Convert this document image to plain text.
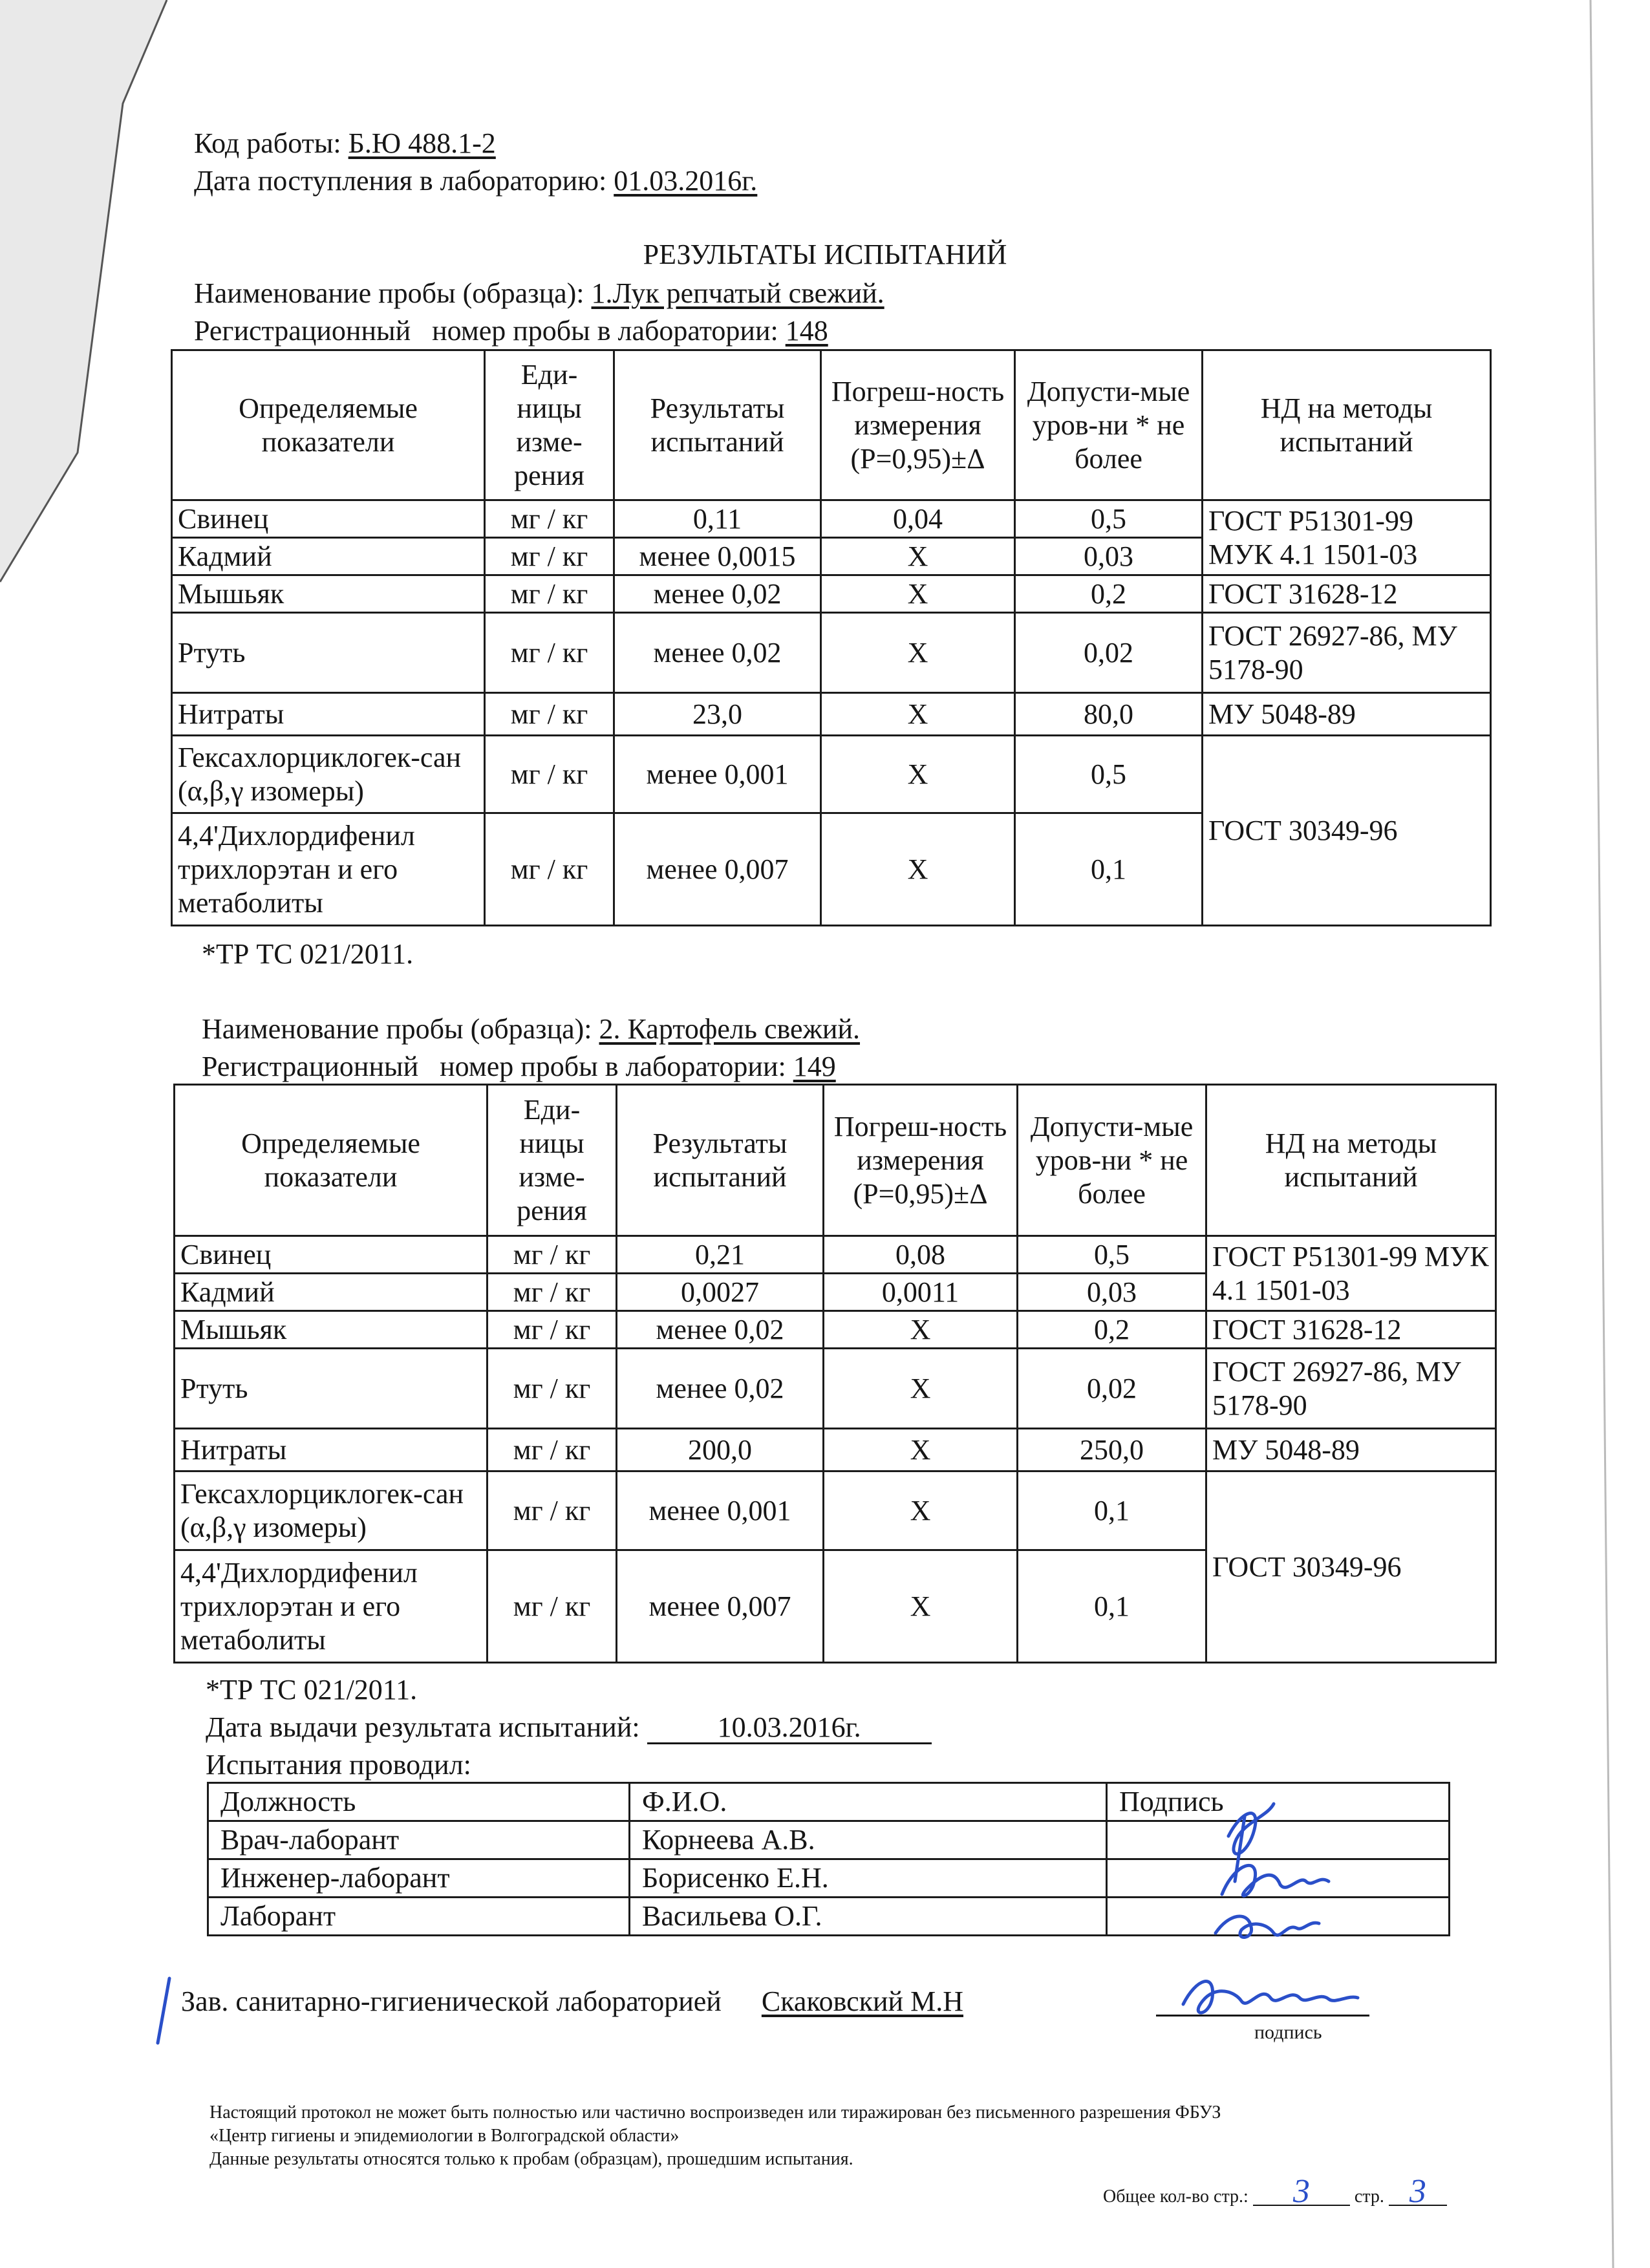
Код работы: Б.Ю 488.1-2
Дата поступления в лабораторию: 01.03.2016г.
РЕЗУЛЬТАТЫ ИСПЫТАНИЙ
Наименование пробы (образца): 1.Лук репчатый свежий.
Регистрационный   номер пробы в лаборатории: 148
Определяемые показатели	Еди-ницы изме-рения	Результаты испытаний	Погреш-ность измерения (Р=0,95)±Δ	Допусти-мые уров-ни * не более	НД на методы испытаний
Свинец	мг / кг	0,11	0,04	0,5	ГОСТ Р51301-99 МУК 4.1 1501-03
Кадмий	мг / кг	менее 0,0015	Х	0,03	
Мышьяк	мг / кг	менее 0,02	Х	0,2	ГОСТ 31628-12
Ртуть	мг / кг	менее 0,02	Х	0,02	ГОСТ 26927-86, МУ 5178-90
Нитраты	мг / кг	23,0	Х	80,0	МУ 5048-89
Гексахлорциклогек-сан (α,β,γ изомеры)	мг / кг	менее 0,001	Х	0,5	ГОСТ 30349-96
4,4'Дихлордифенил трихлорэтан и его метаболиты	мг / кг	менее 0,007	Х	0,1	
*ТР ТС 021/2011.
Наименование пробы (образца): 2. Картофель свежий.
Регистрационный   номер пробы в лаборатории: 149
Определяемые показатели	Еди-ницы изме-рения	Результаты испытаний	Погреш-ность измерения (Р=0,95)±Δ	Допусти-мые уров-ни * не более	НД на методы испытаний
Свинец	мг / кг	0,21	0,08	0,5	ГОСТ Р51301-99 МУК 4.1 1501-03
Кадмий	мг / кг	0,0027	0,0011	0,03	
Мышьяк	мг / кг	менее 0,02	Х	0,2	ГОСТ 31628-12
Ртуть	мг / кг	менее 0,02	Х	0,02	ГОСТ 26927-86, МУ 5178-90
Нитраты	мг / кг	200,0	Х	250,0	МУ 5048-89
Гексахлорциклогек-сан (α,β,γ изомеры)	мг / кг	менее 0,001	Х	0,1	ГОСТ 30349-96
4,4'Дихлордифенил трихлорэтан и его метаболиты	мг / кг	менее 0,007	Х	0,1	
*ТР ТС 021/2011.
Дата выдачи результата испытаний:	10.03.2016г.
Испытания проводил:
Должность	Ф.И.О.	Подпись
Врач-лаборант	Корнеева А.В.	
Инженер-лаборант	Борисенко Е.Н.	
Лаборант	Васильева О.Г.	
Зав. санитарно-гигиенической лабораторией Скаковский М.Н
подпись
Настоящий протокол не может быть полностью или частично воспроизведен или тиражирован без письменного разрешения ФБУЗ
«Центр гигиены и эпидемиологии в Волгоградской области»
Данные результаты относятся только к пробам (образцам), прошедшим испытания.
Общее кол-во стр.: 3 стр. 3
